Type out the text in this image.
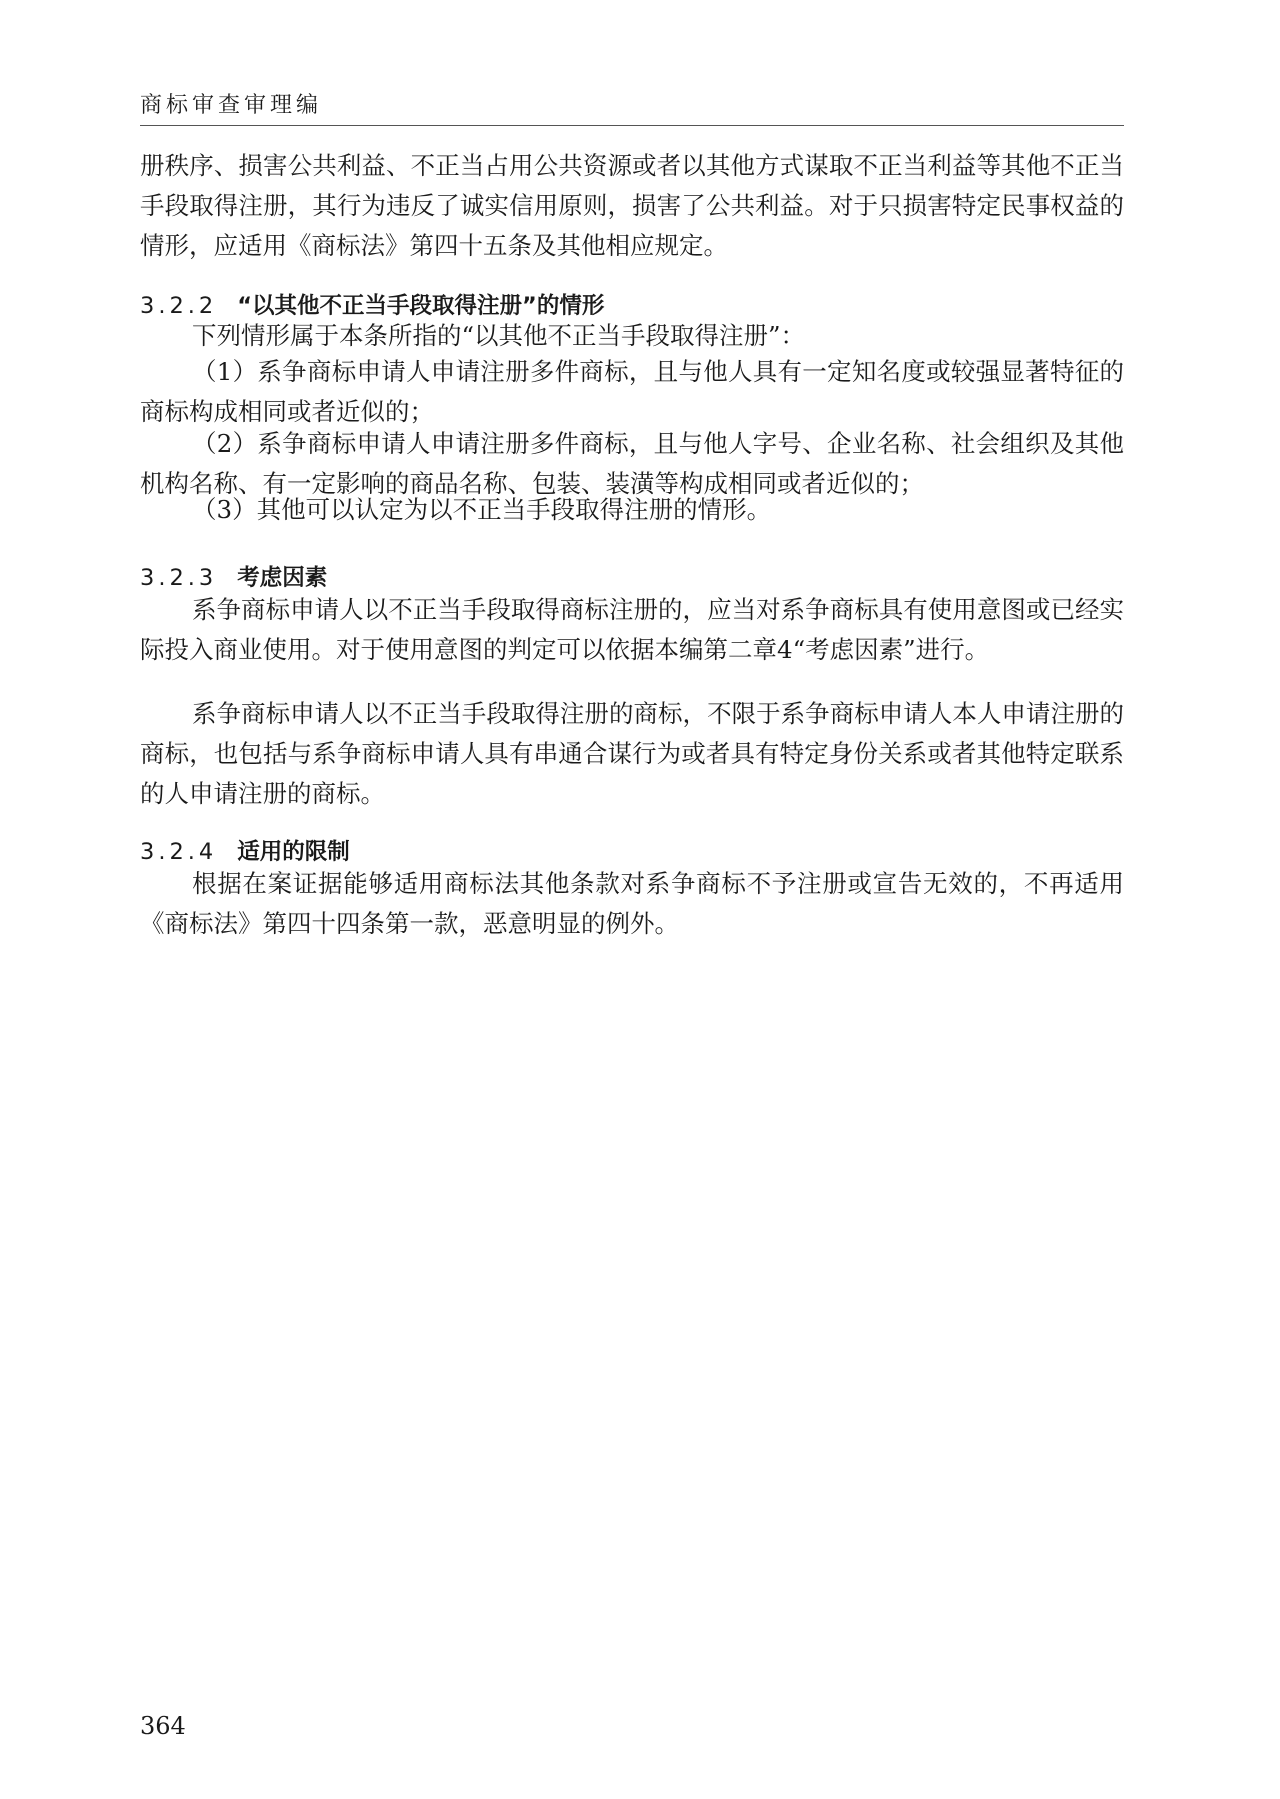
商标审查审理编

册秩序、损害公共利益、不正当占用公共资源或者以其他方式谋取不正当利益等其他不正当手段取得注册，其行为违反了诚实信用原则，损害了公共利益。对于只损害特定民事权益的情形，应适用《商标法》第四十五条及其他相应规定。

3.2.2 “以其他不正当手段取得注册”的情形

下列情形属于本条所指的“以其他不正当手段取得注册”：

（1）系争商标申请人申请注册多件商标，且与他人具有一定知名度或较强显著特征的商标构成相同或者近似的；

（2）系争商标申请人申请注册多件商标，且与他人字号、企业名称、社会组织及其他机构名称、有一定影响的商品名称、包装、装潢等构成相同或者近似的；

（3）其他可以认定为以不正当手段取得注册的情形。

3.2.3 考虑因素

系争商标申请人以不正当手段取得商标注册的，应当对系争商标具有使用意图或已经实际投入商业使用。对于使用意图的判定可以依据本编第二章4“考虑因素”进行。

系争商标申请人以不正当手段取得注册的商标，不限于系争商标申请人本人申请注册的商标，也包括与系争商标申请人具有串通合谋行为或者具有特定身份关系或者其他特定联系的人申请注册的商标。

3.2.4 适用的限制

根据在案证据能够适用商标法其他条款对系争商标不予注册或宣告无效的，不再适用《商标法》第四十四条第一款，恶意明显的例外。

364
